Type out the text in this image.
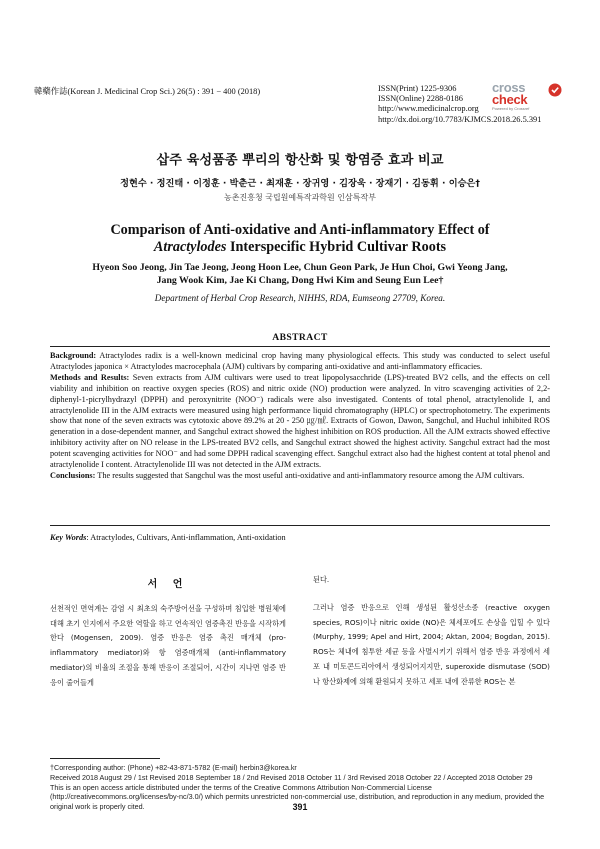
韓藥作誌(Korean J. Medicinal Crop Sci.) 26(5) : 391 − 400 (2018)	ISSN(Print) 1225-9306
ISSN(Online) 2288-0186
http://www.medicinalcrop.org
http://dx.doi.org/10.7783/KJMCS.2018.26.5.391
cross
check
Powered by Crossref
삽주 육성품종 뿌리의 항산화 및 항염증 효과 비교
정현수 · 정진태 · 이정훈 · 박춘근 · 최재훈 · 장귀영 · 김장욱 · 장재기 · 김동휘 · 이승은†
농촌진흥청 국립원예특작과학원 인삼특작부
Comparison of Anti-oxidative and Anti-inflammatory Effect of
Atractylodes Interspecific Hybrid Cultivar Roots
Hyeon Soo Jeong, Jin Tae Jeong, Jeong Hoon Lee, Chun Geon Park, Je Hun Choi, Gwi Yeong Jang,
Jang Wook Kim, Jae Ki Chang, Dong Hwi Kim and Seung Eun Lee†
Department of Herbal Crop Research, NIHHS, RDA, Eumseong 27709, Korea.
ABSTRACT

Background: Atractylodes radix is a well-known medicinal crop having many physiological effects. This study was conducted to select useful Atractylodes japonica × Atractylodes macrocephala (AJM) cultivars by comparing anti-oxidative and anti-inflammatory efficacies.

Methods and Results: Seven extracts from AJM cultivars were used to treat lipopolysacchride (LPS)-treated BV2 cells, and the effects on cell viability and inhibition on reactive oxygen species (ROS) and nitric oxide (NO) production were analyzed. In vitro scavenging activities of 2,2-diphenyl-1-picrylhydrazyl (DPPH) and peroxynitrite (NOO⁻) radicals were also investigated. Contents of total phenol, atractylenolide I, and atractylenolide III in the AJM extracts were measured using high performance liquid chromatography (HPLC) or spectrophotometry. The experiments show that none of the seven extracts was cytotoxic above 89.2% at 20 - 250 ㎍/㎖. Extracts of Gowon, Dawon, Sangchul, and Huchul inhibited ROS generation in a dose-dependent manner, and Sangchul extract showed the highest inhibition on ROS production. All the AJM extracts showed effective inhibitory activity after on NO release in the LPS-treated BV2 cells, and Sangchul extract showed the highest activity. Sangchul extract had the most potent scavenging activities for NOO⁻ and had some DPPH radical scavenging effect. Sangchul extract also had the highest content at total phenol and atractylenolide I content. Atractylenolide III was not detected in the AJM extracts.

Conclusions: The results suggested that Sangchul was the most useful anti-oxidative and anti-inflammatory resource among the AJM cultivars.

Key Words: Atractylodes, Cultivars, Anti-inflammation, Anti-oxidation
서 언	된다.
선천적인 면역계는 감염 시 최초의 숙주방어선을 구성하며 침입한 병원체에 대해 초기 인지에서 주요한 역할을 하고 연속적인 염증촉진 반응을 시작하게 한다 (Mogensen, 2009). 염증 반응은 염증 촉진 매개체 (pro-inflammatory mediator)와 항 염증매개체 (anti-inflammatory mediator)의 비율의 조절을 통해 반응이 조절되어, 시간이 지나면 염증 반응이 줄어들게
그러나 염증 반응으로 인해 생성된 활성산소종 (reactive oxygen species, ROS)이나 nitric oxide (NO)은 체세포에도 손상을 입힐 수 있다 (Murphy, 1999; Apel and Hirt, 2004; Aktan, 2004; Bogdan, 2015). ROS는 체내에 침투한 세균 등을 사멸시키기 위해서 염증 반응 과정에서 세포 내 미토콘드리아에서 생성되어지지만, superoxide dismutase (SOD)나 항산화제에 의해 환원되지 못하고 세포 내에 잔류한 ROS는 본

†Corresponding author: (Phone) +82-43-871-5782 (E-mail) herbin3@korea.kr

Received 2018 August 29 / 1st Revised 2018 September 18 / 2nd Revised 2018 October 11 / 3rd Revised 2018 October 22 / Accepted 2018 October 29

This is an open access article distributed under the terms of the Creative Commons Attribution Non-Commercial License (http://creativecommons.org/licenses/by-nc/3.0/) which permits unrestricted non-commercial use, distribution, and reproduction in any medium, provided the original work is properly cited.	391
